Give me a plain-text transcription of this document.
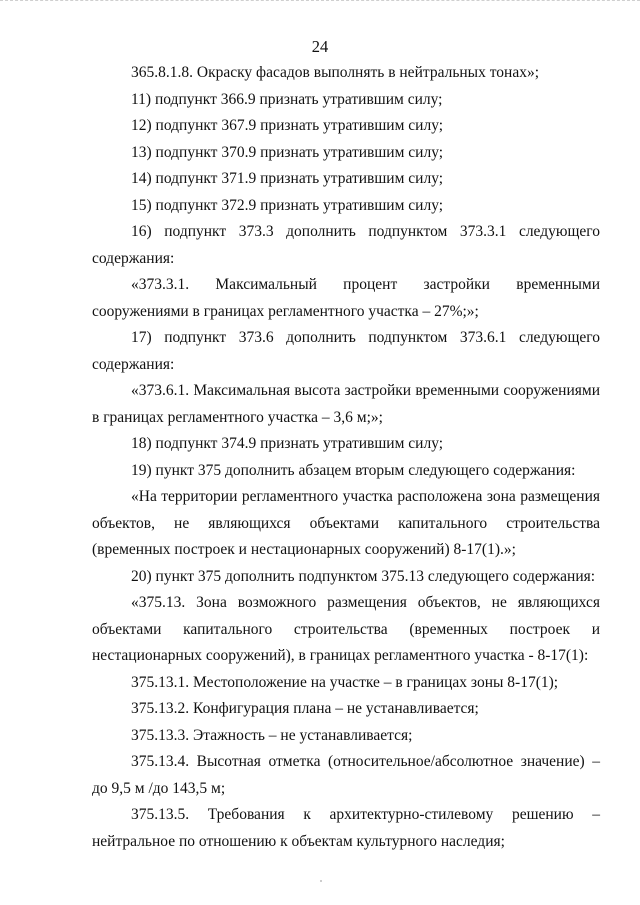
24

365.8.1.8. Окраску фасадов выполнять в нейтральных тонах»;

11) подпункт 366.9 признать утратившим силу;

12) подпункт 367.9 признать утратившим силу;

13) подпункт 370.9 признать утратившим силу;

14) подпункт 371.9 признать утратившим силу;

15) подпункт 372.9 признать утратившим силу;

16) подпункт 373.3 дополнить подпунктом 373.3.1 следующего содержания:

«373.3.1. Максимальный процент застройки временными сооружениями в границах регламентного участка – 27%;»;

17) подпункт 373.6 дополнить подпунктом 373.6.1 следующего содержания:

«373.6.1. Максимальная высота застройки временными сооружениями в границах регламентного участка – 3,6 м;»;

18) подпункт 374.9 признать утратившим силу;

19) пункт 375 дополнить абзацем вторым следующего содержания:

«На территории регламентного участка расположена зона размещения объектов, не являющихся объектами капитального строительства (временных построек и нестационарных сооружений) 8-17(1).»;

20) пункт 375 дополнить подпунктом 375.13 следующего содержания:

«375.13. Зона возможного размещения объектов, не являющихся объектами капитального строительства (временных построек и нестационарных сооружений), в границах регламентного участка - 8-17(1):

375.13.1. Местоположение на участке – в границах зоны 8-17(1);

375.13.2. Конфигурация плана – не устанавливается;

375.13.3. Этажность – не устанавливается;

375.13.4. Высотная отметка (относительное/абсолютное значение) – до 9,5 м /до 143,5 м;

375.13.5. Требования к архитектурно-стилевому решению – нейтральное по отношению к объектам культурного наследия;
